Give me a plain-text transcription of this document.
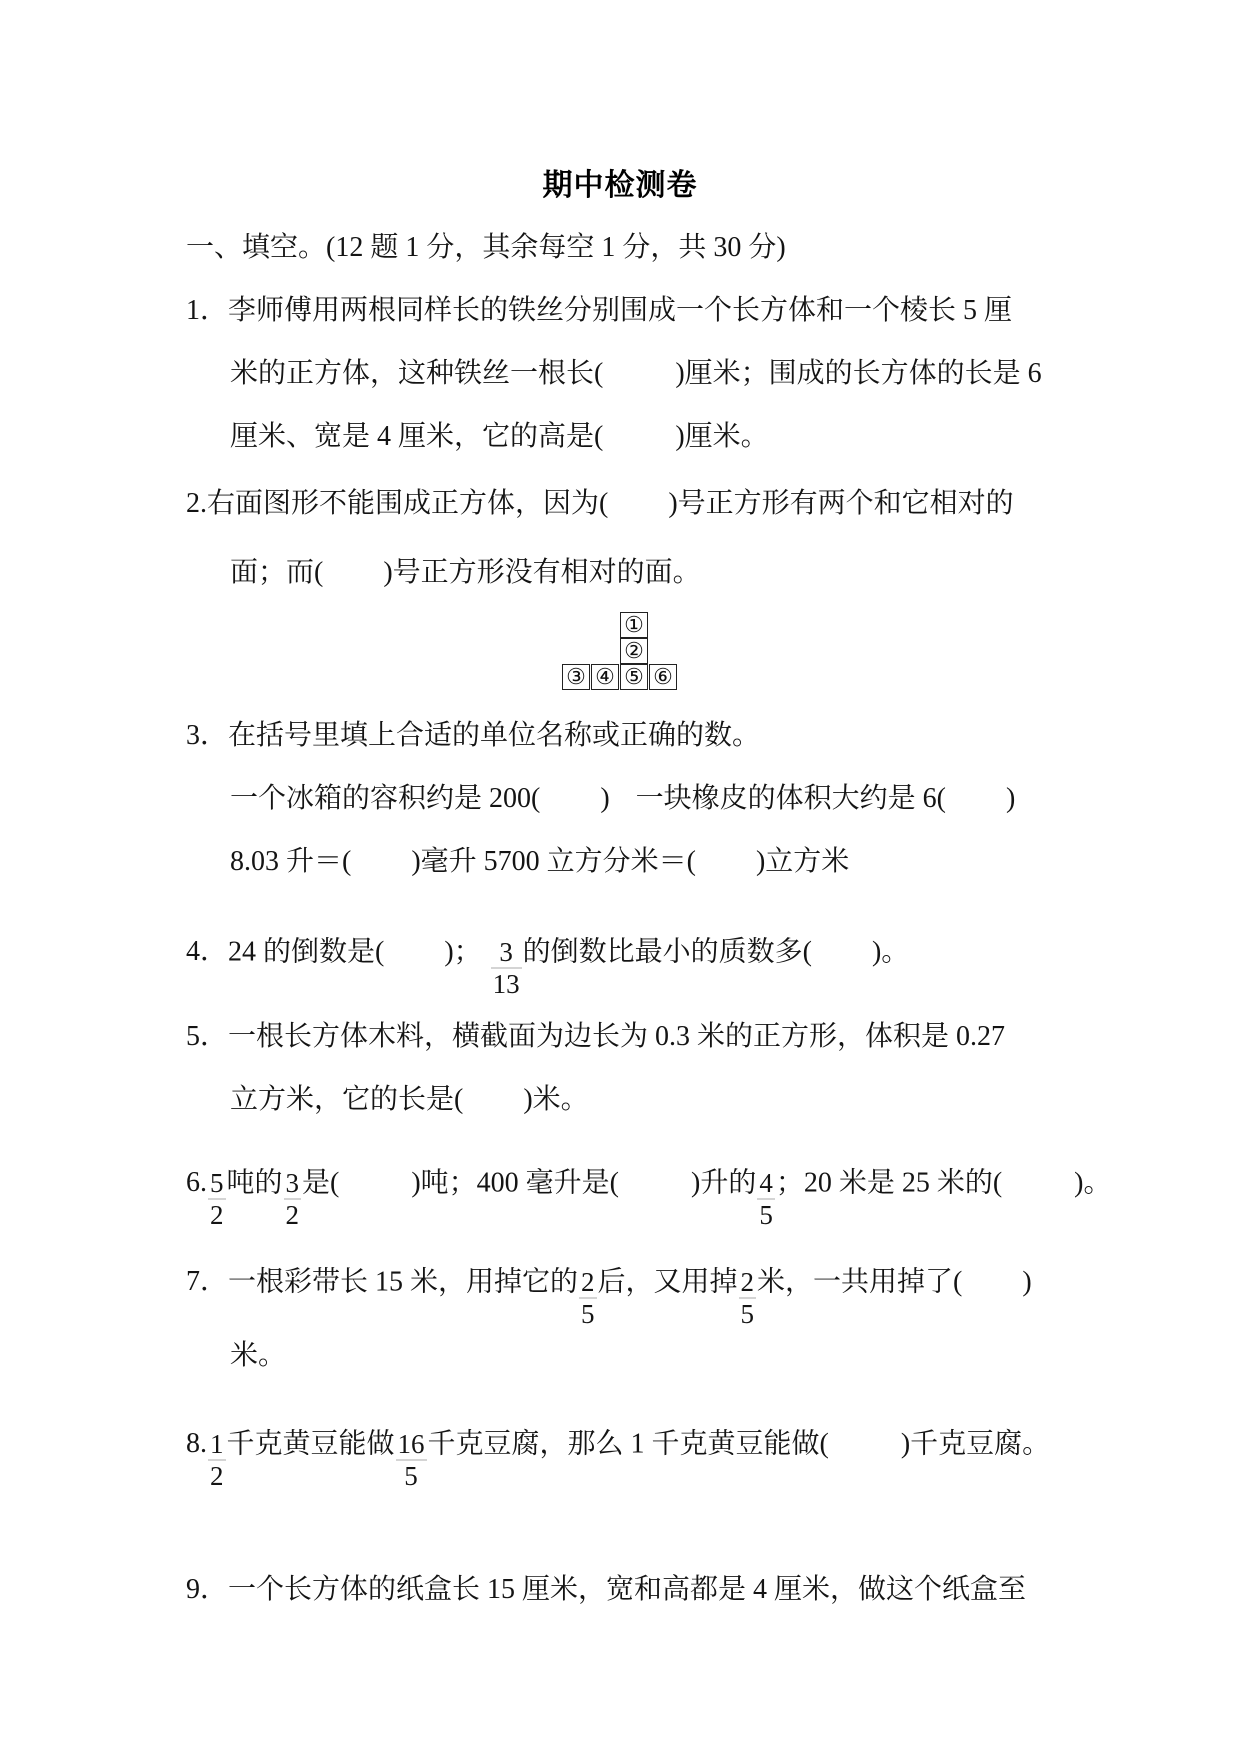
期中检测卷
一、填空。(12 题 1 分，其余每空 1 分，共 30 分)
1．李师傅用两根同样长的铁丝分别围成一个长方体和一个棱长 5 厘
米的正方体，这种铁丝一根长(	)厘米；围成的长方体的长是 6
厘米、宽是 4 厘米，它的高是(	)厘米。
2.右面图形不能围成正方体，因为( )号正方形有两个和它相对的
面；而( )号正方形没有相对的面。
①
②
③ ④ ⑤ ⑥
3．在括号里填上合适的单位名称或正确的数。
一个冰箱的容积约是 200( ) 一块橡皮的体积大约是 6( )
8.03 升＝( )毫升 5700 立方分米＝( )立方米
4．24 的倒数是( )； $\frac{3}{13}$ 的倒数比最小的质数多( )。
5．一根长方体木料，横截面为边长为 0.3 米的正方形，体积是 0.27
立方米，它的长是( )米。
6. $\frac{5}{2}$ 吨的 $\frac{3}{2}$ 是(	)吨；400 毫升是(	)升的 $\frac{4}{5}$ ；20 米是 25 米的(	)。
7．一根彩带长 15 米，用掉它的 $\frac{2}{5}$ 后，又用掉 $\frac{2}{5}$ 米，一共用掉了( )
米。
8. $\frac{1}{2}$ 千克黄豆能做 $\frac{16}{5}$ 千克豆腐，那么 1 千克黄豆能做(	)千克豆腐。
9．一个长方体的纸盒长 15 厘米，宽和高都是 4 厘米，做这个纸盒至
